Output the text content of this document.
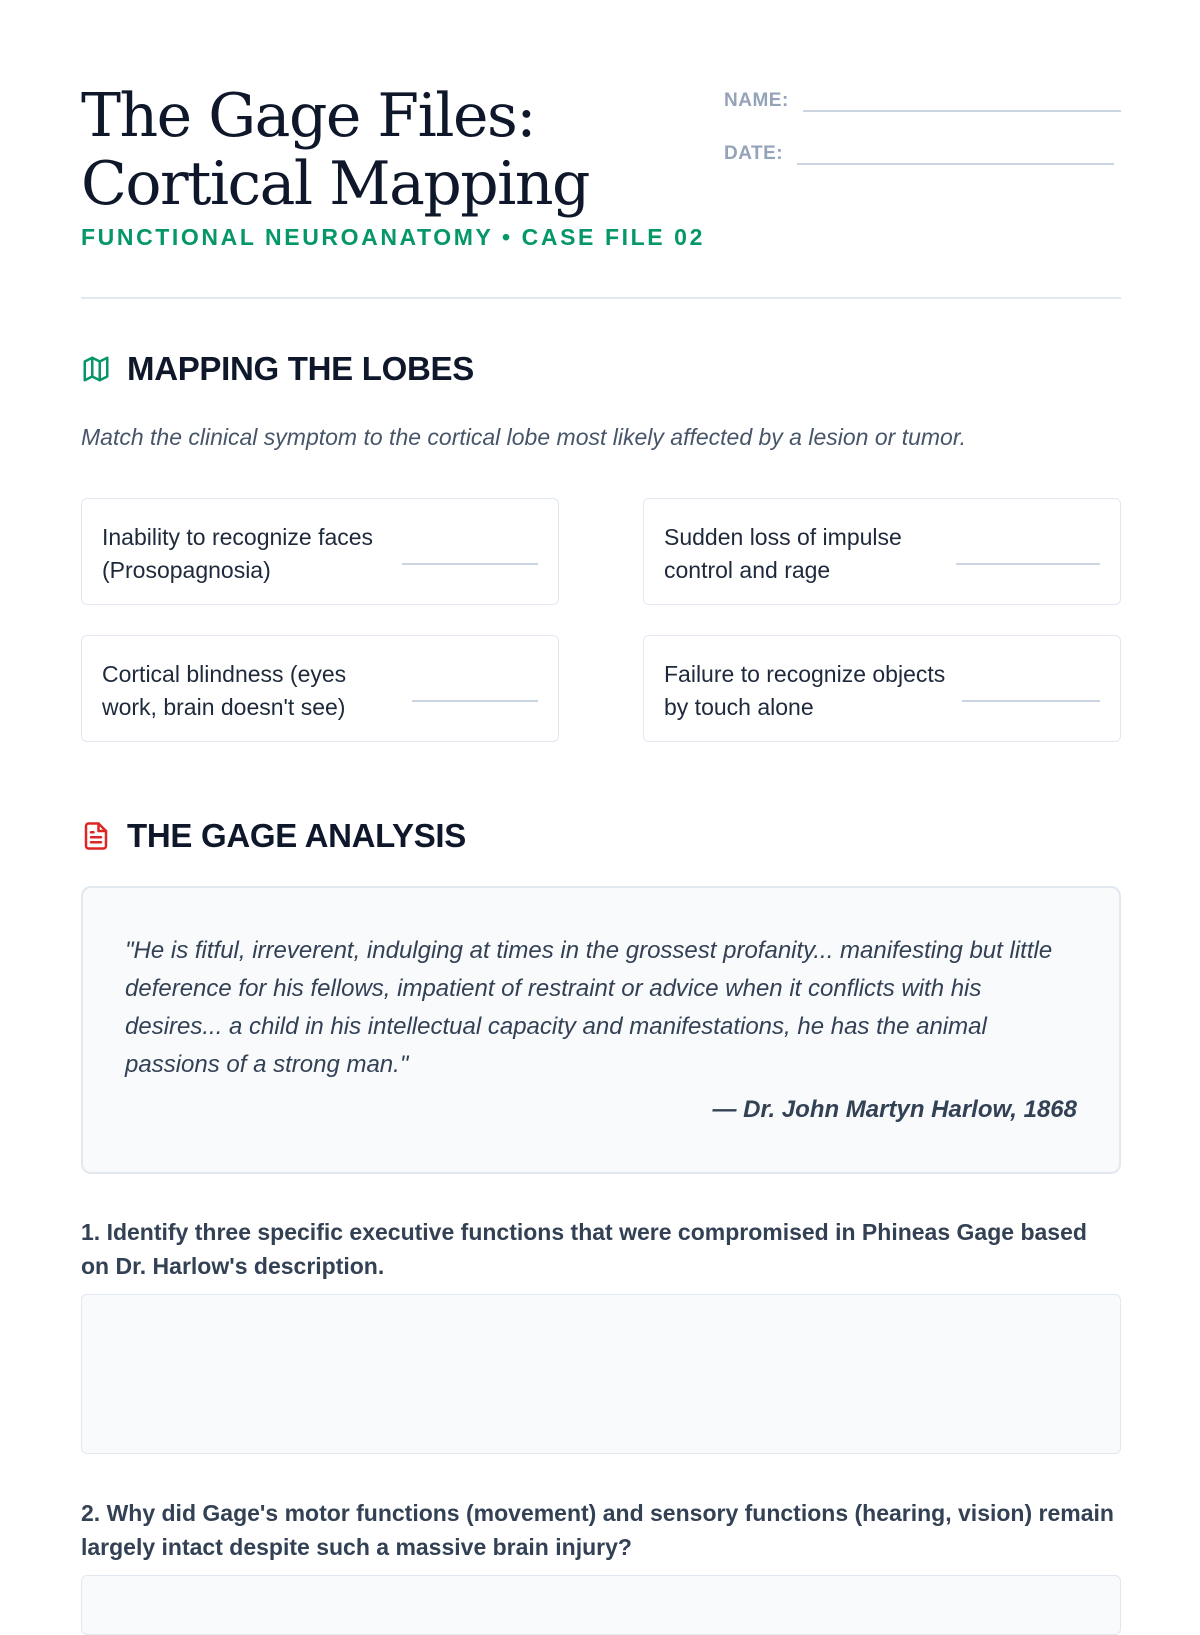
The Gage Files: Cortical Mapping

FUNCTIONAL NEUROANATOMY • CASE FILE 02

NAME:
DATE:
MAPPING THE LOBES

Match the clinical symptom to the cortical lobe most likely affected by a lesion or tumor.

Inability to recognize faces (Prosopagnosia)
Sudden loss of impulse control and rage
Cortical blindness (eyes work, brain doesn't see)
Failure to recognize objects by touch alone
THE GAGE ANALYSIS

"He is fitful, irreverent, indulging at times in the grossest profanity... manifesting but little deference for his fellows, impatient of restraint or advice when it conflicts with his desires... a child in his intellectual capacity and manifestations, he has the animal passions of a strong man."

— Dr. John Martyn Harlow, 1868

1. Identify three specific executive functions that were compromised in Phineas Gage based on Dr. Harlow's description.

2. Why did Gage's motor functions (movement) and sensory functions (hearing, vision) remain largely intact despite such a massive brain injury?
